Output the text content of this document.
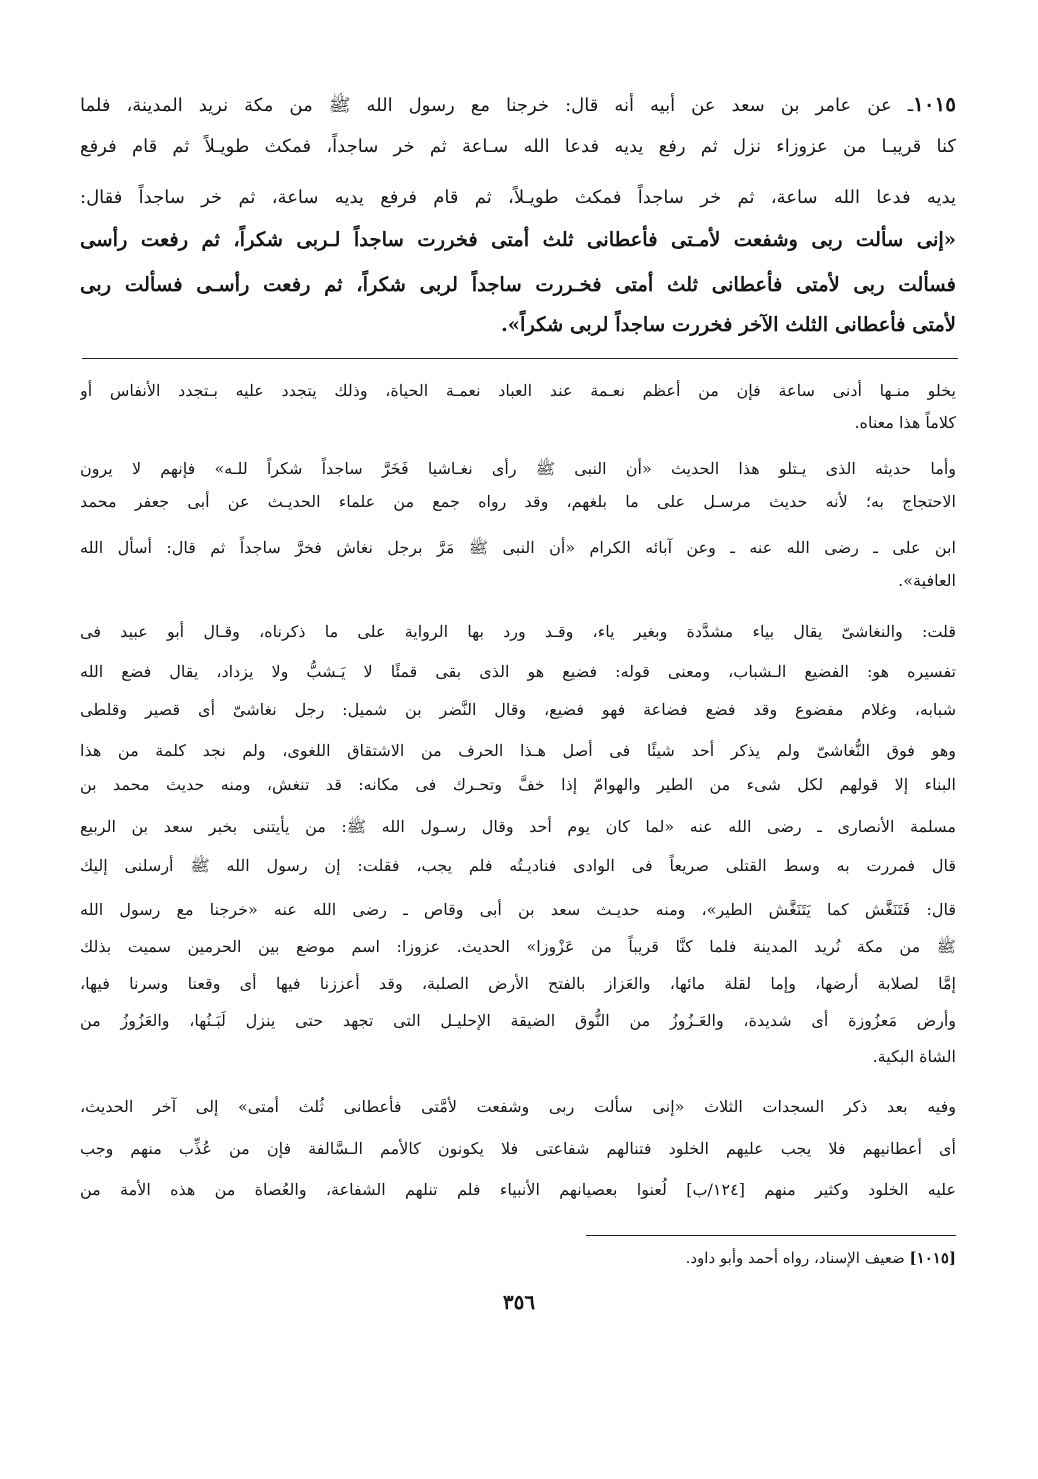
١٠١٥ـ عن عامر بن سعد عن أبيه أنه قال: خرجنا مع رسول الله ﷺ من مكة نريد المدينة، فلما
كنا قريبـا من عزوزاء نزل ثم رفع يديه فدعا الله سـاعة ثم خر ساجداً، فمكث طويـلاً ثم قام فرفع
يديه فدعا الله ساعة، ثم خر ساجداً فمكث طويـلاً، ثم قام فرفع يديه ساعة، ثم خر ساجداً فقال:
«إنى سألت ربى وشفعت لأمـتى فأعطانى ثلث أمتى فخررت ساجداً لـربى شكراً، ثم رفعت رأسى
فسألت ربى لأمتى فأعطانى ثلث أمتى فخـررت ساجداً لربى شكراً، ثم رفعت رأسـى فسألت ربى
لأمتى فأعطانى الثلث الآخر فخررت ساجداً لربى شكراً».
يخلو منـها أدنى ساعة فإن من أعظم نعـمة عند العباد نعمـة الحياة، وذلك يتجدد عليه بـتجدد الأنفاس أو
كلاماً هذا معناه.
وأما حديثه الذى يـتلو هذا الحديث «أن النبى ﷺ رأى نغـاشيا فَخَرَّ ساجداً شكراً للـه» فإنهم لا يرون
الاحتجاج به؛ لأنه حديث مرسـل على ما بلغهم، وقد رواه جمع من علماء الحديـث عن أبى جعفر محمد
ابن على ـ رضى الله عنه ـ وعن آبائه الكرام «أن النبى ﷺ مَرَّ برجل نغاش فخرَّ ساجداً ثم قال: أسأل الله
العافية».
قلت: والنغاشىّ يقال بياء مشدَّدة وبغير ياء، وقـد ورد بها الرواية على ما ذكرناه، وقـال أبو عبيد فى
تفسيره هو: الفضيع الـشباب، ومعنى قوله: فضيع هو الذى بقى قمئًا لا يَـشبُّ ولا يزداد، يقال فضع الله
شبابه، وغلام مفضوع وقد فضع فضاعة فهو فضيع، وقال النَّضر بن شميل: رجل نغاشىّ أى قصير وقلطى
وهو فوق النُّغاشىّ ولم يذكر أحد شيئًا فى أصل هـذا الحرف من الاشتقاق اللغوى، ولم نجد كلمة من هذا
البناء إلا قولهم لكل شىء من الطير والهوامّ إذا خفَّ وتحـرك فى مكانه: قد تنغش، ومنه حديث محمد بن
مسلمة الأنصارى ـ رضى الله عنه «لما كان يوم أحد وقال رسـول الله ﷺ: من يأيتنى بخبر سعد بن الربيع
قال فمررت به وسط القتلى صريعاً فى الوادى فناديـتُه فلم يجب، فقلت: إن رسول الله ﷺ أرسلنى إليك
قال: فَتَنَغَّش كما يَتَنَغَّش الطير»، ومنه حديـث سعد بن أبى وقاص ـ رضى الله عنه «خرجنا مع رسول الله
ﷺ من مكة نُريد المدينة فلما كنَّا قريباً من عَزْوزا» الحديث. عزوزا: اسم موضع بين الحرمين سميت بذلك
إمَّا لصلابة أرضها، وإما لقلة مائها، والعَزاز بالفتح الأرض الصلبة، وقد أعززنا فيها أى وقعنا وسرنا فيها،
وأرض مَعزُوزة أى شديدة، والعَـزُوزُ من النُّوق الضيقة الإحليـل التى تجهد حتى ينزل لَبَـنُها، والعَزُوزُ من
الشاة البكية.
وفيه بعد ذكر السجدات الثلاث «إنى سألت ربى وشفعت لأمَّتى فأعطانى ثُلث أمتى» إلى آخر الحديث،
أى أعطانيهم فلا يجب عليهم الخلود فتنالهم شفاعتى فلا يكونون كالأمم الـسَّالفة فإن من عُذِّب منهم وجب
عليه الخلود وكثير منهم [١٢٤/ب] لُعنوا بعصيانهم الأنبياء فلم تنلهم الشفاعة، والعُصاة من هذه الأمة من
[١٠١٥] ضعيف الإسناد، رواه أحمد وأبو داود.
٣٥٦
